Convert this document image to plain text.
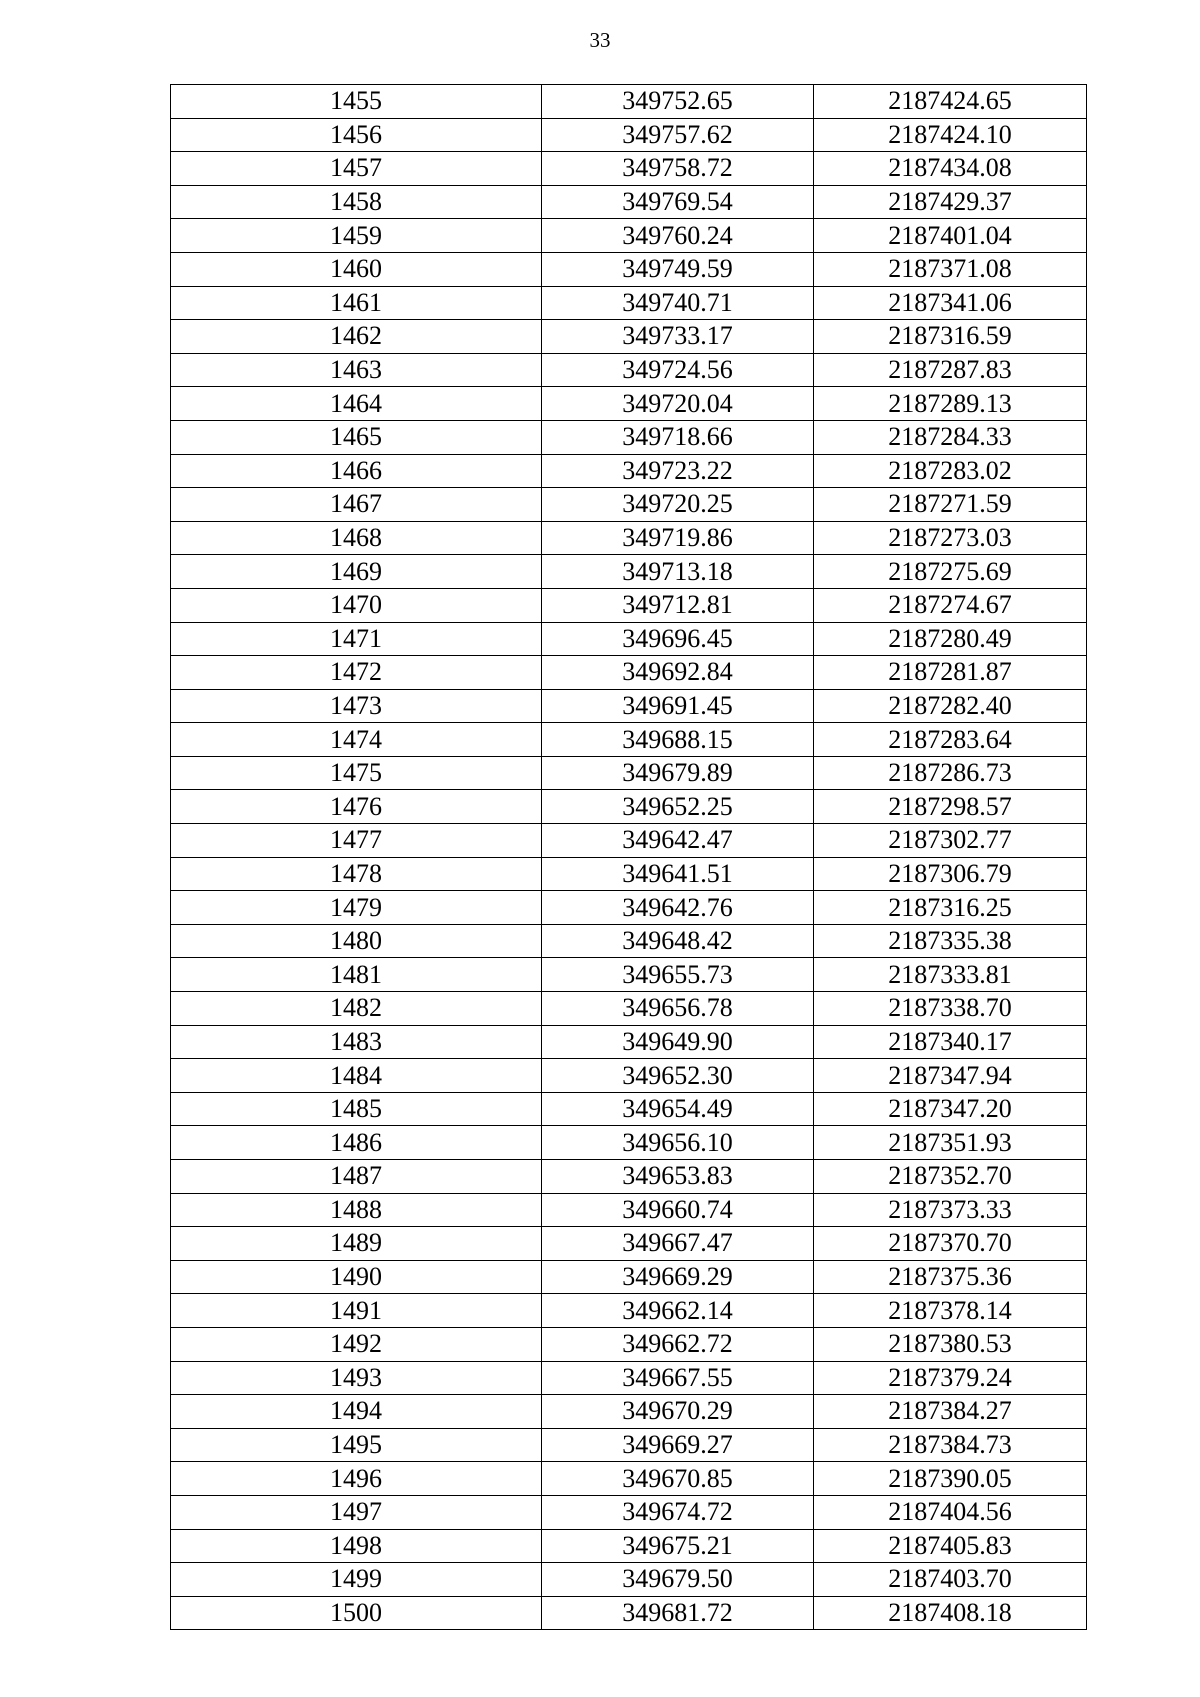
33
1455	349752.65	2187424.65
1456	349757.62	2187424.10
1457	349758.72	2187434.08
1458	349769.54	2187429.37
1459	349760.24	2187401.04
1460	349749.59	2187371.08
1461	349740.71	2187341.06
1462	349733.17	2187316.59
1463	349724.56	2187287.83
1464	349720.04	2187289.13
1465	349718.66	2187284.33
1466	349723.22	2187283.02
1467	349720.25	2187271.59
1468	349719.86	2187273.03
1469	349713.18	2187275.69
1470	349712.81	2187274.67
1471	349696.45	2187280.49
1472	349692.84	2187281.87
1473	349691.45	2187282.40
1474	349688.15	2187283.64
1475	349679.89	2187286.73
1476	349652.25	2187298.57
1477	349642.47	2187302.77
1478	349641.51	2187306.79
1479	349642.76	2187316.25
1480	349648.42	2187335.38
1481	349655.73	2187333.81
1482	349656.78	2187338.70
1483	349649.90	2187340.17
1484	349652.30	2187347.94
1485	349654.49	2187347.20
1486	349656.10	2187351.93
1487	349653.83	2187352.70
1488	349660.74	2187373.33
1489	349667.47	2187370.70
1490	349669.29	2187375.36
1491	349662.14	2187378.14
1492	349662.72	2187380.53
1493	349667.55	2187379.24
1494	349670.29	2187384.27
1495	349669.27	2187384.73
1496	349670.85	2187390.05
1497	349674.72	2187404.56
1498	349675.21	2187405.83
1499	349679.50	2187403.70
1500	349681.72	2187408.18
